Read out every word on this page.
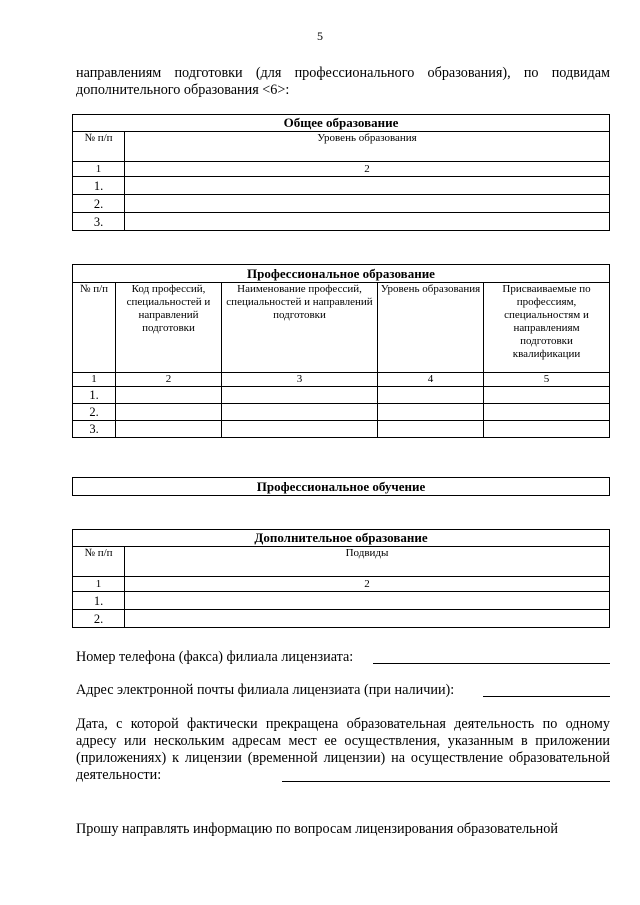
5
направлениям подготовки (для профессионального образования), по подвидам дополнительного образования <6>:
Общее образование	
№ п/п	Уровень образования
1	2
1.	
2.	
3.	
Профессиональное образование				
№ п/п	Код профессий, специальностей и направлений подготовки	Наименование профессий, специальностей и направлений подготовки	Уровень образования	Присваиваемые по профессиям, специальностям и направлениям подготовки квалификации
1	2	3	4	5
1.				
2.				
3.				
Профессиональное обучение
Дополнительное образование	
№ п/п	Подвиды
1	2
1.	
2.	
Номер телефона (факса) филиала лицензиата:
Адрес электронной почты филиала лицензиата (при наличии):
Дата, с которой фактически прекращена образовательная деятельность по одному адресу или нескольким адресам мест ее осуществления, указанным в приложении (приложениях) к лицензии (временной лицензии) на осуществление образовательной деятельности:
Прошу направлять информацию по вопросам лицензирования образовательной
